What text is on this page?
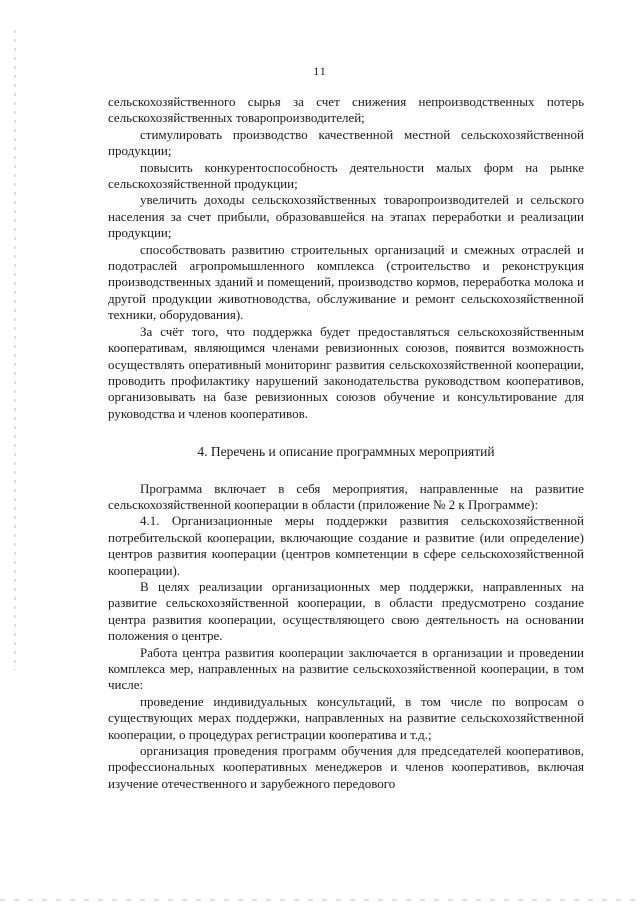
11

сельскохозяйственного сырья за счет снижения непроизводственных потерь сельскохозяйственных товаропроизводителей;

стимулировать производство качественной местной сельскохозяйственной продукции;

повысить конкурентоспособность деятельности малых форм на рынке сельскохозяйственной продукции;

увеличить доходы сельскохозяйственных товаропроизводителей и сельского населения за счет прибыли, образовавшейся на этапах переработки и реализации продукции;

способствовать развитию строительных организаций и смежных отраслей и подотраслей агропромышленного комплекса (строительство и реконструкция производственных зданий и помещений, производство кормов, переработка молока и другой продукции животноводства, обслуживание и ремонт сельскохозяйственной техники, оборудования).

За счёт того, что поддержка будет предоставляться сельскохозяйственным кооперативам, являющимся членами ревизионных союзов, появится возможность осуществлять оперативный мониторинг развития сельскохозяйственной кооперации, проводить профилактику нарушений законодательства руководством кооперативов, организовывать на базе ревизионных союзов обучение и консультирование для руководства и членов кооперативов.

4. Перечень и описание программных мероприятий

Программа включает в себя мероприятия, направленные на развитие сельскохозяйственной кооперации в области (приложение № 2 к Программе):

4.1. Организационные меры поддержки развития сельскохозяйственной потребительской кооперации, включающие создание и развитие (или определение) центров развития кооперации (центров компетенции в сфере сельскохозяйственной кооперации).

В целях реализации организационных мер поддержки, направленных на развитие сельскохозяйственной кооперации, в области предусмотрено создание центра развития кооперации, осуществляющего свою деятельность на основании положения о центре.

Работа центра развития кооперации заключается в организации и проведении комплекса мер, направленных на развитие сельскохозяйственной кооперации, в том числе:

проведение индивидуальных консультаций, в том числе по вопросам о существующих мерах поддержки, направленных на развитие сельскохозяйственной кооперации, о процедурах регистрации кооператива и т.д.;

организация проведения программ обучения для председателей кооперативов, профессиональных кооперативных менеджеров и членов кооперативов, включая изучение отечественного и зарубежного передового
